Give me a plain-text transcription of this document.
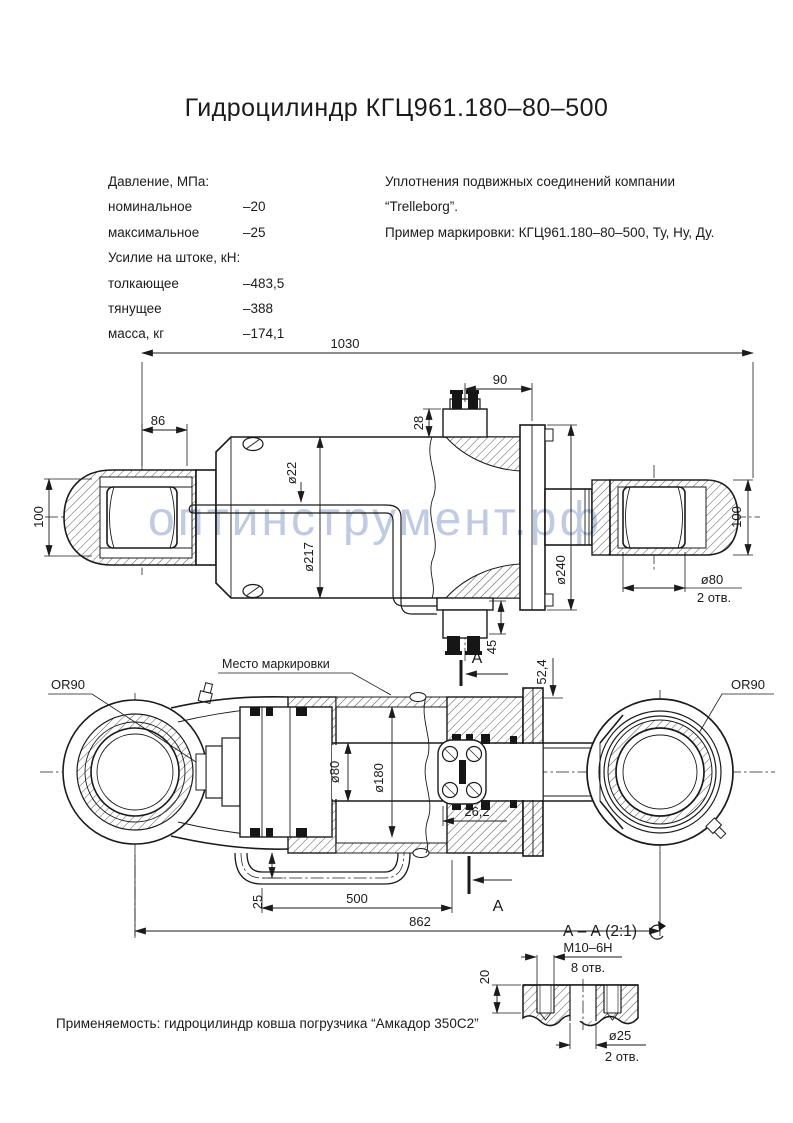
Гидроцилиндр КГЦ961.180–80–500
Давление, МПа:
номинальное	–20
максимальное	–25
Усилие на штоке, кН:
толкающее	–483,5
тянущее	–388
масса, кг	–174,1
Уплотнения подвижных соединений компании
“Trelleborg”.
Пример маркировки: КГЦ961.180–80–500, Ту, Ну, Ду.
1030
86
100	100
ø80
2 отв.
ø240
ø217
ø22
28
90
45
А
OR90	OR90
Место маркировки	52,4
ø80 ø180
26,2
25	500
862
А
А – А (2:1)
М10–6Н
8 отв.
20
ø25
2 отв.
оптинструмент.рф
Применяемость: гидроцилиндр ковша погрузчика “Амкадор 350С2”
